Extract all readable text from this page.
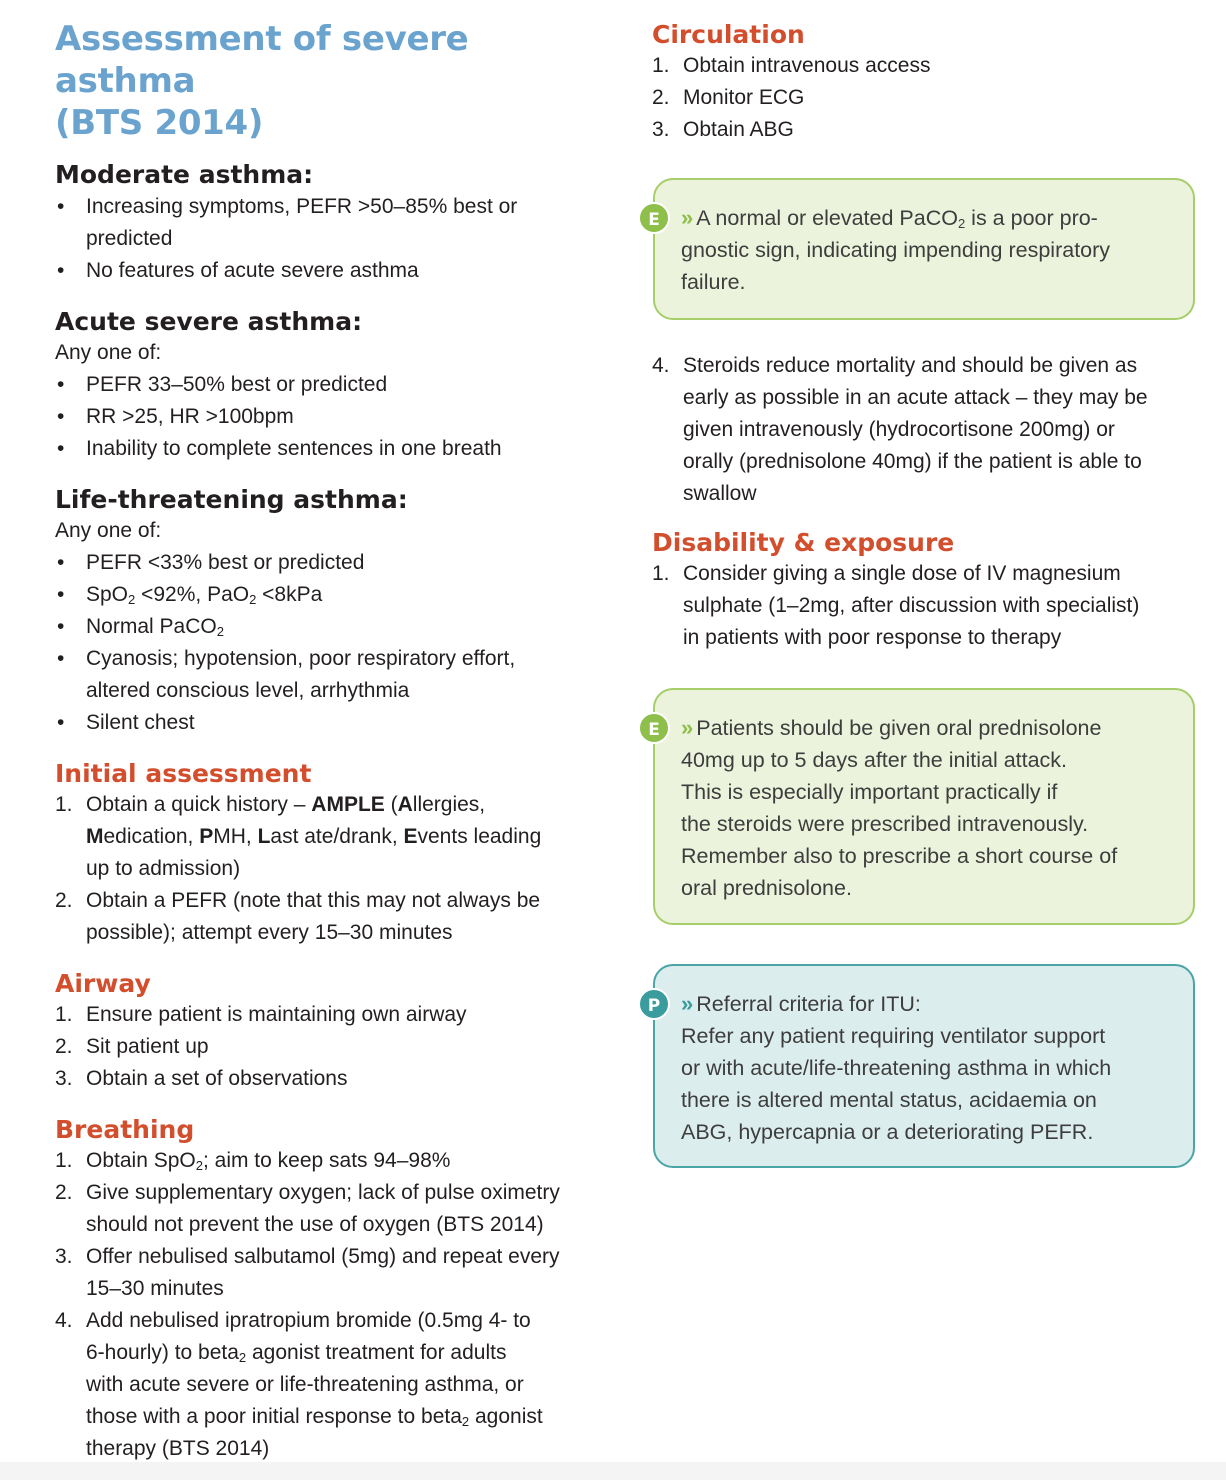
Assessment of severe asthma
(BTS 2014)
Moderate asthma:
• Increasing symptoms, PEFR >50–85% best or
predicted
• No features of acute severe asthma
Acute severe asthma:
Any one of:
• PEFR 33–50% best or predicted
• RR >25, HR >100bpm
• Inability to complete sentences in one breath
Life-threatening asthma:
Any one of:
• PEFR <33% best or predicted
• SpO$_2$ <92%, PaO$_2$ <8kPa
• Normal PaCO$_2$
• Cyanosis; hypotension, poor respiratory effort,
altered conscious level, arrhythmia
• Silent chest
Initial assessment
1. Obtain a quick history – AMPLE (Allergies,
Medication, PMH, Last ate/drank, Events leading
up to admission)
2. Obtain a PEFR (note that this may not always be
possible); attempt every 15–30 minutes
Airway
1. Ensure patient is maintaining own airway
2. Sit patient up
3. Obtain a set of observations
Breathing
1. Obtain SpO$_2$; aim to keep sats 94–98%
2. Give supplementary oxygen; lack of pulse oximetry
should not prevent the use of oxygen (BTS 2014)
3. Offer nebulised salbutamol (5mg) and repeat every
15–30 minutes
4. Add nebulised ipratropium bromide (0.5mg 4- to
6-hourly) to beta$_2$ agonist treatment for adults
with acute severe or life-threatening asthma, or
those with a poor initial response to beta$_2$ agonist
therapy (BTS 2014)
Circulation
1. Obtain intravenous access
2. Monitor ECG
3. Obtain ABG
4. Steroids reduce mortality and should be given as
early as possible in an acute attack – they may be
given intravenously (hydrocortisone 200mg) or
orally (prednisolone 40mg) if the patient is able to
swallow
Disability & exposure
1. Consider giving a single dose of IV magnesium
sulphate (1–2mg, after discussion with specialist)
in patients with poor response to therapy
E » A normal or elevated PaCO$_2$ is a poor pro-
gnostic sign, indicating impending respiratory
failure.
E » Patients should be given oral prednisolone
40mg up to 5 days after the initial attack.
This is especially important practically if
the steroids were prescribed intravenously.
Remember also to prescribe a short course of
oral prednisolone.
P » Referral criteria for ITU:
Refer any patient requiring ventilator support
or with acute/life-threatening asthma in which
there is altered mental status, acidaemia on
ABG, hypercapnia or a deteriorating PEFR.
